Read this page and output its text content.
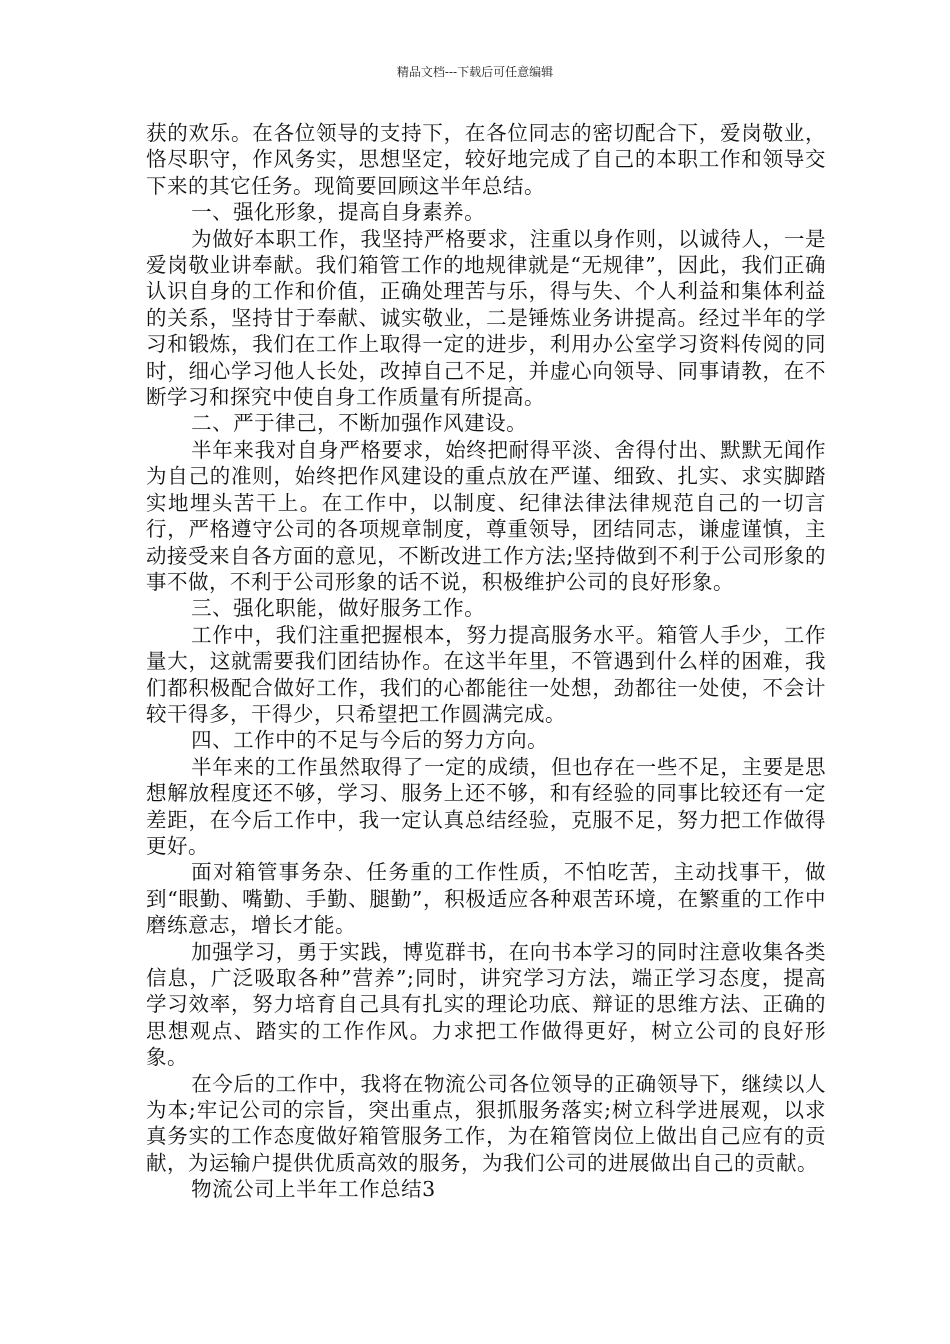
精品文档---下载后可任意编辑

获的欢乐。在各位领导的支持下，在各位同志的密切配合下，爱岗敬业，恪尽职守，作风务实，思想坚定，较好地完成了自己的本职工作和领导交下来的其它任务。现简要回顾这半年总结。

一、强化形象，提高自身素养。

为做好本职工作，我坚持严格要求，注重以身作则，以诚待人，一是爱岗敬业讲奉献。我们箱管工作的地规律就是“无规律”，因此，我们正确认识自身的工作和价值，正确处理苦与乐，得与失、个人利益和集体利益的关系，坚持甘于奉献、诚实敬业，二是锤炼业务讲提高。经过半年的学习和锻炼，我们在工作上取得一定的进步，利用办公室学习资料传阅的同时，细心学习他人长处，改掉自己不足，并虚心向领导、同事请教，在不断学习和探究中使自身工作质量有所提高。

二、严于律己，不断加强作风建设。

半年来我对自身严格要求，始终把耐得平淡、舍得付出、默默无闻作为自己的准则，始终把作风建设的重点放在严谨、细致、扎实、求实脚踏实地埋头苦干上。在工作中，以制度、纪律法律法律规范自己的一切言行，严格遵守公司的各项规章制度，尊重领导，团结同志，谦虚谨慎，主动接受来自各方面的意见，不断改进工作方法;坚持做到不利于公司形象的事不做，不利于公司形象的话不说，积极维护公司的良好形象。

三、强化职能，做好服务工作。

工作中，我们注重把握根本，努力提高服务水平。箱管人手少，工作量大，这就需要我们团结协作。在这半年里，不管遇到什么样的困难，我们都积极配合做好工作，我们的心都能往一处想，劲都往一处使，不会计较干得多，干得少，只希望把工作圆满完成。

四、工作中的不足与今后的努力方向。

半年来的工作虽然取得了一定的成绩，但也存在一些不足，主要是思想解放程度还不够，学习、服务上还不够，和有经验的同事比较还有一定差距，在今后工作中，我一定认真总结经验，克服不足，努力把工作做得更好。

面对箱管事务杂、任务重的工作性质，不怕吃苦，主动找事干，做到“眼勤、嘴勤、手勤、腿勤”，积极适应各种艰苦环境，在繁重的工作中磨练意志，增长才能。

加强学习，勇于实践，博览群书，在向书本学习的同时注意收集各类信息，广泛吸取各种”营养”;同时，讲究学习方法，端正学习态度，提高学习效率，努力培育自己具有扎实的理论功底、辩证的思维方法、正确的思想观点、踏实的工作作风。力求把工作做得更好，树立公司的良好形象。

在今后的工作中，我将在物流公司各位领导的正确领导下，继续以人为本;牢记公司的宗旨，突出重点，狠抓服务落实;树立科学进展观，以求真务实的工作态度做好箱管服务工作，为在箱管岗位上做出自己应有的贡献，为运输户提供优质高效的服务，为我们公司的进展做出自己的贡献。

物流公司上半年工作总结3
